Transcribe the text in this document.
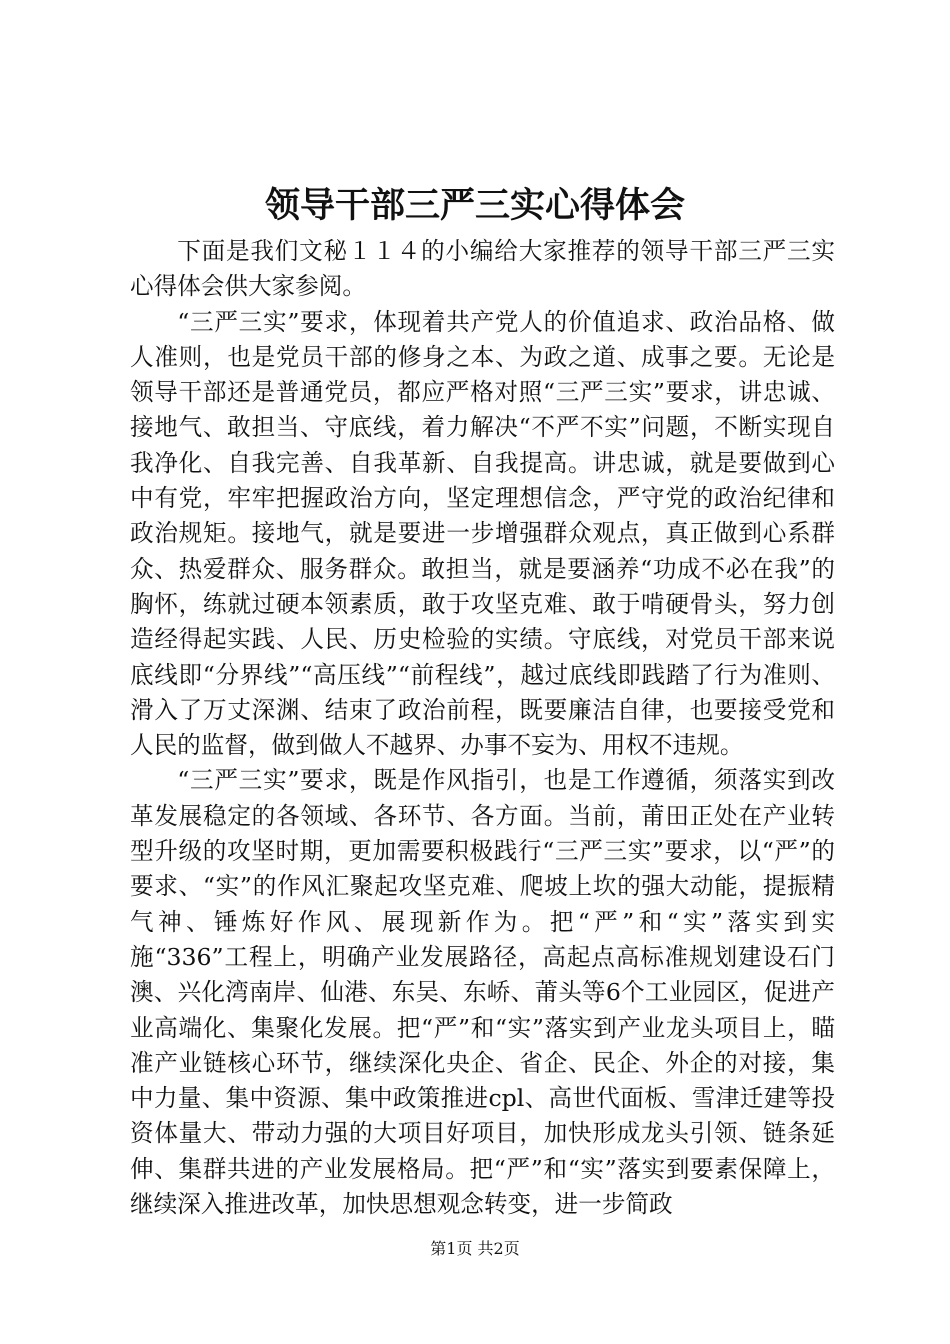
领导干部三严三实心得体会

下面是我们文秘１１４的小编给大家推荐的领导干部三严三实心得体会供大家参阅。

“三严三实”要求，体现着共产党人的价值追求、政治品格、做人准则，也是党员干部的修身之本、为政之道、成事之要。无论是领导干部还是普通党员，都应严格对照“三严三实”要求，讲忠诚、接地气、敢担当、守底线，着力解决“不严不实”问题，不断实现自我净化、自我完善、自我革新、自我提高。讲忠诚，就是要做到心中有党，牢牢把握政治方向，坚定理想信念，严守党的政治纪律和政治规矩。接地气，就是要进一步增强群众观点，真正做到心系群众、热爱群众、服务群众。敢担当，就是要涵养“功成不必在我”的胸怀，练就过硬本领素质，敢于攻坚克难、敢于啃硬骨头，努力创造经得起实践、人民、历史检验的实绩。守底线，对党员干部来说底线即“分界线”“高压线”“前程线”，越过底线即践踏了行为准则、滑入了万丈深渊、结束了政治前程，既要廉洁自律，也要接受党和人民的监督，做到做人不越界、办事不妄为、用权不违规。

“三严三实”要求，既是作风指引，也是工作遵循，须落实到改革发展稳定的各领域、各环节、各方面。当前，莆田正处在产业转型升级的攻坚时期，更加需要积极践行“三严三实”要求，以“严”的要求、“实”的作风汇聚起攻坚克难、爬坡上坎的强大动能，提振精气神、锤炼好作风、展现新作为。把“严”和“实”落实到实施“336”工程上，明确产业发展路径，高起点高标准规划建设石门澳、兴化湾南岸、仙港、东吴、东峤、莆头等6个工业园区，促进产业高端化、集聚化发展。把“严”和“实”落实到产业龙头项目上，瞄准产业链核心环节，继续深化央企、省企、民企、外企的对接，集中力量、集中资源、集中政策推进cpl、高世代面板、雪津迁建等投资体量大、带动力强的大项目好项目，加快形成龙头引领、链条延伸、集群共进的产业发展格局。把“严”和“实”落实到要素保障上，继续深入推进改革，加快思想观念转变，进一步简政

第1页 共2页
